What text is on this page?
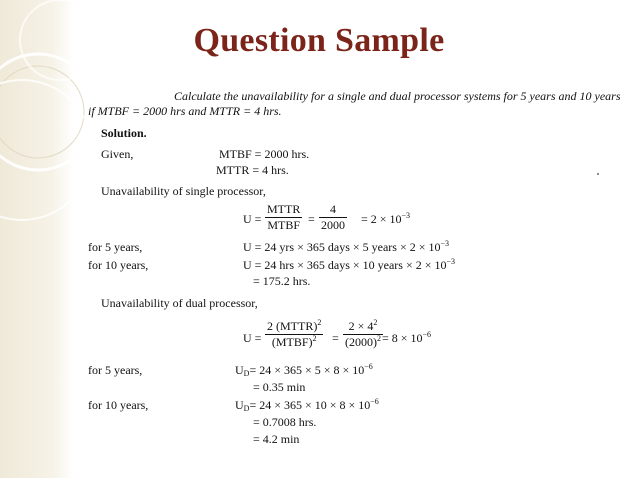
Question Sample
Calculate the unavailability for a single and dual processor systems for 5 years and 10 years
if MTBF = 2000 hrs and MTTR = 4 hrs.
Solution.
Given,	MTBF = 2000 hrs.
MTTR = 4 hrs.
Unavailability of single processor,
U =
MTTR
MTBF = $\frac{4}{2000} = 2 \times 10^{-3}$
for 5 years,	U = 24 yrs × 365 days × 5 years × $2 \times 10^{-3}$
for 10 years,	U = 24 hrs × 365 days × 10 years × $2 \times 10^{-3}$
= 175.2 hrs.
Unavailability of dual processor,
U =
2 (MTTR)$^2$
(MTBF)$^2$	= $\frac{2 \times 4^2}{(2000)^2} = 8 \times 10^{-6}$
for 5 years,	$U_D= 24 \times 365 \times 5 \times 8 \times 10^{-6}$
= 0.35 min
for 10 years,	$U_D= 24 \times 365 \times 10 \times 8 \times 10^{-6}$
= 0.7008 hrs.
= 4.2 min
